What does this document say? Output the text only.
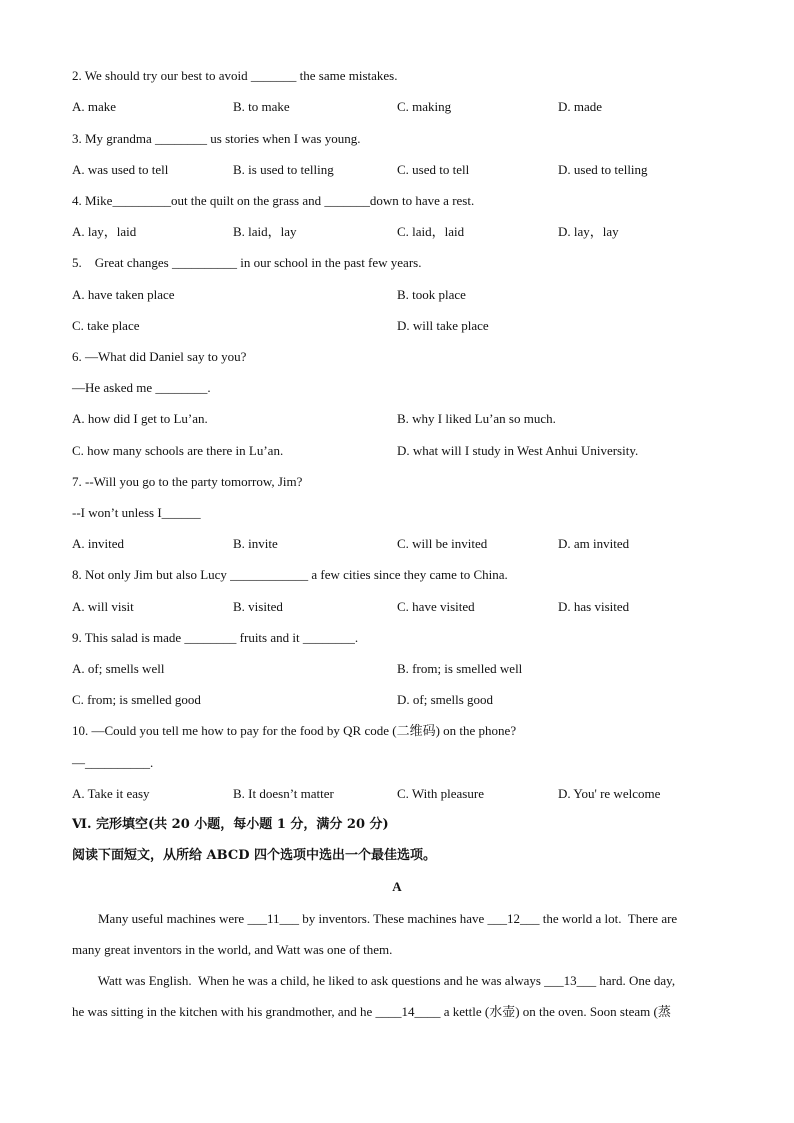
2. We should try our best to avoid _______ the same mistakes.
A. make	B. to make	C. making	D. made
3. My grandma ________ us stories when I was young.
A. was used to tell	B. is used to telling	C. used to tell	D. used to telling
4. Mike_________out the quilt on the grass and _______down to have a rest.
A. lay，laid	B. laid，lay	C. laid，laid	D. lay，lay
5.    Great changes __________ in our school in the past few years.
A. have taken place	B. took place
C. take place	D. will take place
6. —What did Daniel say to you?
—He asked me ________.
A. how did I get to Lu’an.	B. why I liked Lu’an so much.
C. how many schools are there in Lu’an.	D. what will I study in West Anhui University.
7. --Will you go to the party tomorrow, Jim?
--I won’t unless I______
A. invited	B. invite	C. will be invited	D. am invited
8. Not only Jim but also Lucy ____________ a few cities since they came to China.
A. will visit	B. visited	C. have visited	D. has visited
9. This salad is made ________ fruits and it ________.
A. of; smells well	B. from; is smelled well
C. from; is smelled good	D. of; smells good
10. —Could you tell me how to pay for the food by QR code (二维码) on the phone?
—__________.
A. Take it easy	B. It doesn’t matter	C. With pleasure	D. You' re welcome
Ⅵ. 完形填空(共 20 小题，每小题 1 分，满分 20 分)
阅读下面短文，从所给 ABCD 四个选项中选出一个最佳选项。
A
Many useful machines were ___11___ by inventors. These machines have ___12___ the world a lot.  There are
many great inventors in the world, and Watt was one of them.
Watt was English.  When he was a child, he liked to ask questions and he was always ___13___ hard. One day,
he was sitting in the kitchen with his grandmother, and he ____14____ a kettle (水壶) on the oven. Soon steam (蒸
